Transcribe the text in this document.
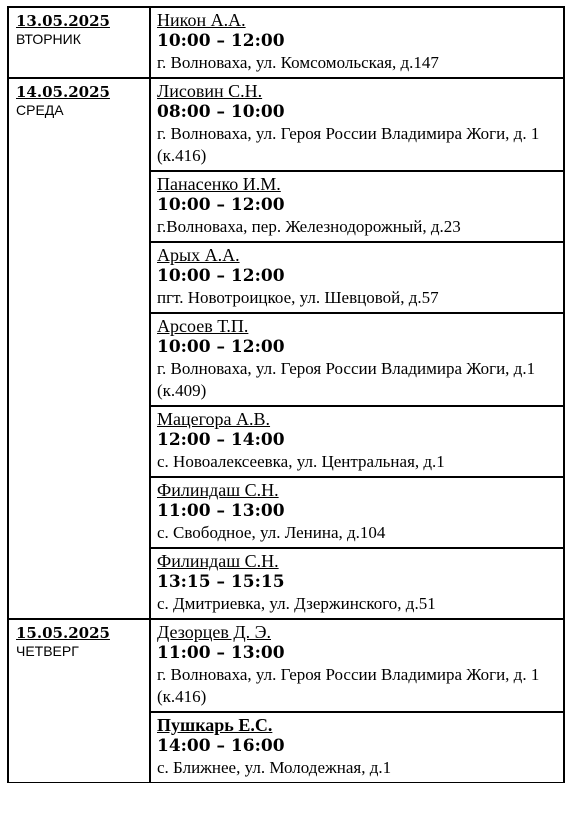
13.05.2025
ВТОРНИК
Никон А.А.
10:00 – 12:00
г. Волноваха, ул. Комсомольская, д.147
14.05.2025
СРЕДА
Лисовин С.Н.
08:00 – 10:00
г. Волноваха, ул. Героя России Владимира Жоги, д. 1 (к.416)
Панасенко И.М.
10:00 – 12:00
г.Волноваха, пер. Железнодорожный, д.23
Арых А.А.
10:00 – 12:00
пгт. Новотроицкое, ул. Шевцовой, д.57
Арсоев Т.П.
10:00 – 12:00
г. Волноваха, ул. Героя России Владимира Жоги, д.1 (к.409)
Мацегора А.В.
12:00 – 14:00
с. Новоалексеевка, ул. Центральная, д.1
Филиндаш С.Н.
11:00 – 13:00
с. Свободное, ул. Ленина, д.104
Филиндаш С.Н.
13:15 – 15:15
с. Дмитриевка, ул. Дзержинского, д.51
15.05.2025
ЧЕТВЕРГ
Дезорцев Д. Э.
11:00 – 13:00
г. Волноваха, ул. Героя России Владимира Жоги, д. 1 (к.416)
Пушкарь Е.С.
14:00 – 16:00
с. Ближнее, ул. Молодежная, д.1
